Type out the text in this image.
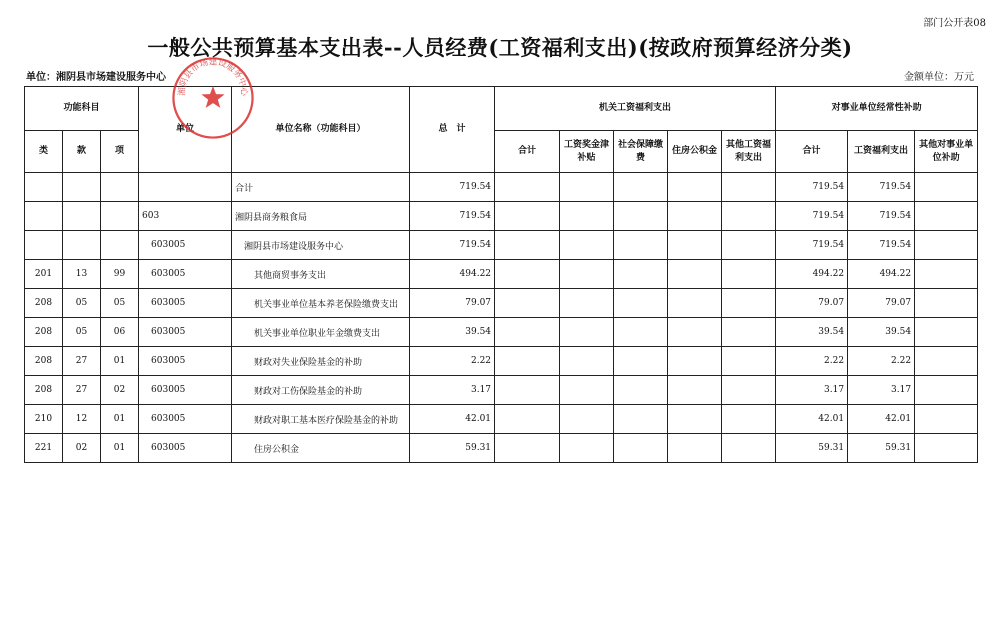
部门公开表08
一般公共预算基本支出表--人员经费(工资福利支出)(按政府预算经济分类)
单位：湘阴县市场建设服务中心	金额单位：万元
功能科目			单位	单位名称（功能科目）	总　计	机关工资福利支出					对事业单位经常性补助		
类	款	项				合计	工资奖金津补贴	社会保障缴费	住房公积金	其他工资福利支出	合计	工资福利支出	其他对事业单位补助
				合计	719.54						719.54	719.54	
			603	湘阴县商务粮食局	719.54						719.54	719.54	
			603005	湘阴县市场建设服务中心	719.54						719.54	719.54	
201	13	99	603005	其他商贸事务支出	494.22						494.22	494.22	
208	05	05	603005	机关事业单位基本养老保险缴费支出	79.07						79.07	79.07	
208	05	06	603005	机关事业单位职业年金缴费支出	39.54						39.54	39.54	
208	27	01	603005	财政对失业保险基金的补助	2.22						2.22	2.22	
208	27	02	603005	财政对工伤保险基金的补助	3.17						3.17	3.17	
210	12	01	603005	财政对职工基本医疗保险基金的补助	42.01						42.01	42.01	
221	02	01	603005	住房公积金	59.31						59.31	59.31	
湘阴县市场建设服务中心
